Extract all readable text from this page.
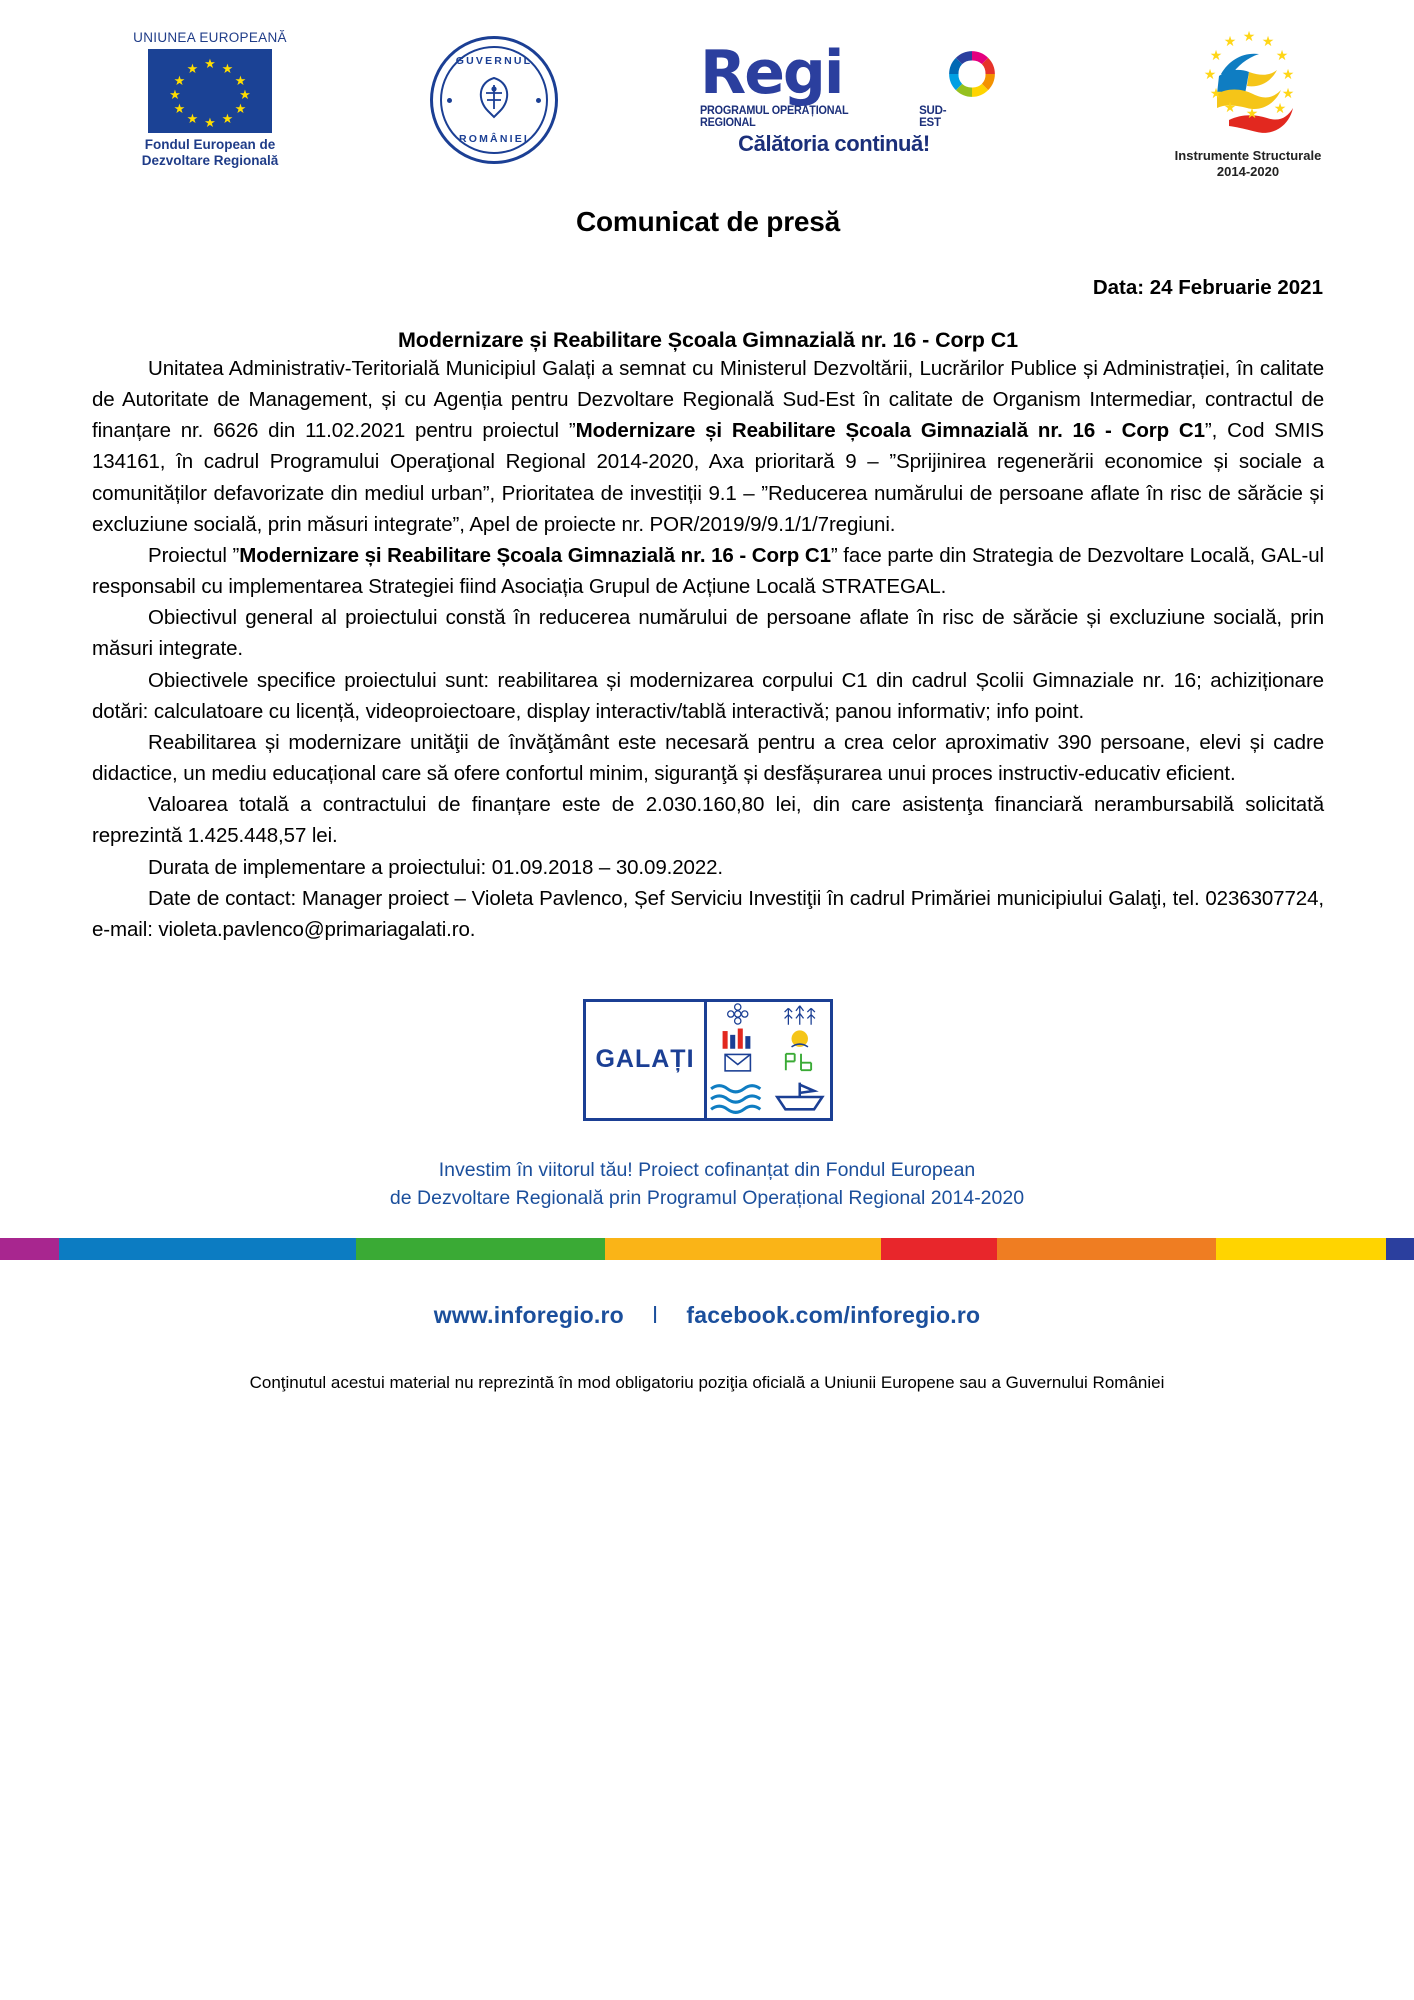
UNIUNEA EUROPEANĂ
★
★ ★
★	★
★	★
★	★
★ ★
★
Fondul European de
Dezvoltare Regională
GUVERNUL
ROMÂNIEI
Regi
PROGRAMUL OPERAȚIONAL REGIONAL
SUD-EST
Călătoria continuă!
★
★ ★
★	★
★	★
★	★
★	★
★
Instrumente Structurale
2014-2020
Comunicat de presă
Data: 24 Februarie 2021
Modernizare și Reabilitare Școala Gimnazială nr. 16 - Corp C1

Unitatea Administrativ-Teritorială Municipiul Galați a semnat cu Ministerul Dezvoltării, Lucrărilor Publice și Administrației, în calitate de Autoritate de Management, și cu Agenția pentru Dezvoltare Regională Sud-Est în calitate de Organism Intermediar, contractul de finanțare nr. 6626 din 11.02.2021 pentru proiectul ”Modernizare și Reabilitare Școala Gimnazială nr. 16 - Corp C1”, Cod SMIS 134161, în cadrul Programului Operaţional Regional 2014-2020, Axa prioritară 9 – ”Sprijinirea regenerării economice și sociale a comunităților defavorizate din mediul urban”, Prioritatea de investiții 9.1 – ”Reducerea numărului de persoane aflate în risc de sărăcie și excluziune socială, prin măsuri integrate”, Apel de proiecte nr. POR/2019/9/9.1/1/7regiuni.

Proiectul ”Modernizare și Reabilitare Școala Gimnazială nr. 16 - Corp C1” face parte din Strategia de Dezvoltare Locală, GAL-ul responsabil cu implementarea Strategiei fiind Asociația Grupul de Acțiune Locală STRATEGAL.

Obiectivul general al proiectului constă în reducerea numărului de persoane aflate în risc de sărăcie și excluziune socială, prin măsuri integrate.

Obiectivele specifice proiectului sunt: reabilitarea și modernizarea corpului C1 din cadrul Școlii Gimnaziale nr. 16; achiziționare dotări: calculatoare cu licență, videoproiectoare, display interactiv/tablă interactivă; panou informativ; info point.

Reabilitarea și modernizare unităţii de învăţământ este necesară pentru a crea celor aproximativ 390 persoane, elevi și cadre didactice, un mediu educațional care să ofere confortul minim, siguranţă și desfășurarea unui proces instructiv-educativ eficient.

Valoarea totală a contractului de finanțare este de 2.030.160,80 lei, din care asistenţa financiară nerambursabilă solicitată reprezintă 1.425.448,57 lei.

Durata de implementare a proiectului: 01.09.2018 – 30.09.2022.

Date de contact: Manager proiect – Violeta Pavlenco, Șef Serviciu Investiţii în cadrul Primăriei municipiului Galaţi, tel. 0236307724, e-mail: violeta.pavlenco@primariagalati.ro.

GALAȚI
Investim în viitorul tău! Proiect cofinanțat din Fondul European
de Dezvoltare Regională prin Programul Operațional Regional 2014-2020
www.inforegio.ro l facebook.com/inforegio.ro
Conţinutul acestui material nu reprezintă în mod obligatoriu poziţia oficială a Uniunii Europene sau a Guvernului României
